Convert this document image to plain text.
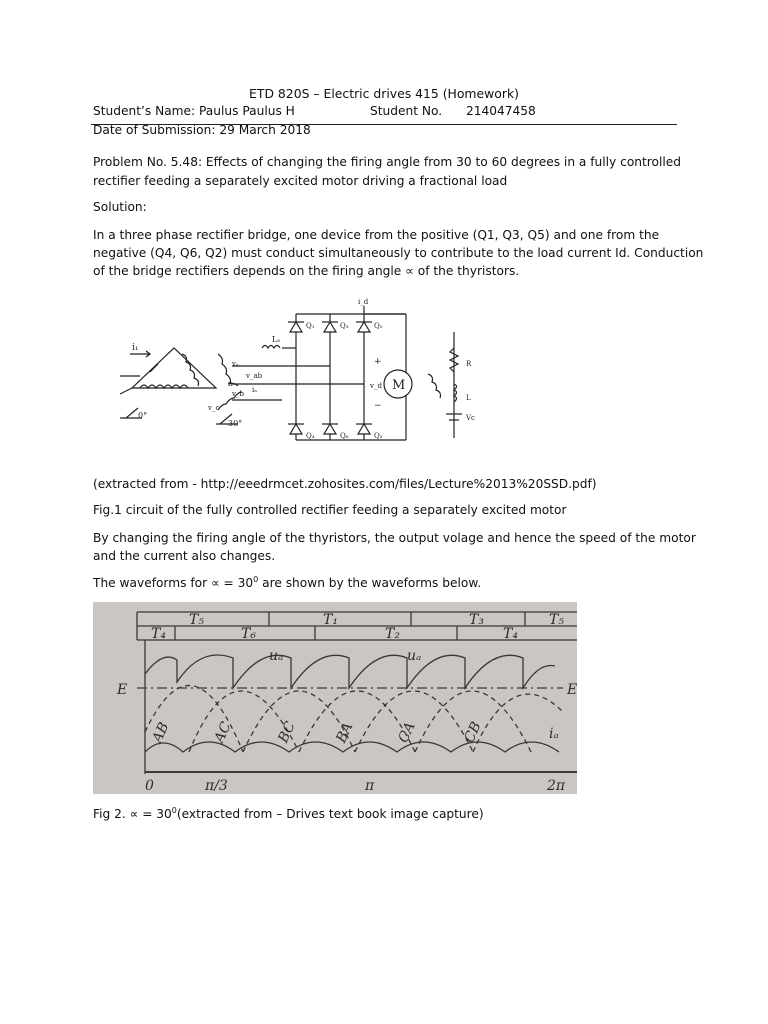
ETD 820S – Electric drives 415 (Homework)
Student’s Name: Paulus Paulus H	Student No. 214047458
Date of Submission: 29 March 2018
Problem No. 5.48: Effects of changing the firing angle from 30 to 60 degrees in a fully controlled
rectifier feeding a separately excited motor driving a fractional load
Solution:
In a three phase rectifier bridge, one device from the positive (Q1, Q3, Q5) and one from the
negative (Q4, Q6, Q2) must conduct simultaneously to contribute to the load current Id. Conduction
of the bridge rectifiers depends on the firing angle ∝ of the thyristors.
i₁
0°
vₐ
n
v_b
v_c
v_ab
iₐ
30°
Lₛ
Q₁	Q₃	Q₅
Q₄	Q₆	Q₂
i_d
M
+
v_d
−
R
L
Vc
(extracted from - http://eeedrmcet.zohosites.com/files/Lecture%2013%20SSD.pdf)
Fig.1 circuit of the fully controlled rectifier feeding a separately excited motor
By changing the firing angle of the thyristors, the output volage and hence the speed of the motor
and the current also changes.
The waveforms for ∝ = $30^0$ are shown by the waveforms below.
T₅	T₁	T₃	T₅
T₄	T₆	T₂	T₄
uₐ	uₐ
E	E
AB	AC	BC BA	CA	CB	iₐ
0	π/3	π	2π
Fig 2. ∝ = $30^0(extracted$ from – Drives text book image capture)
